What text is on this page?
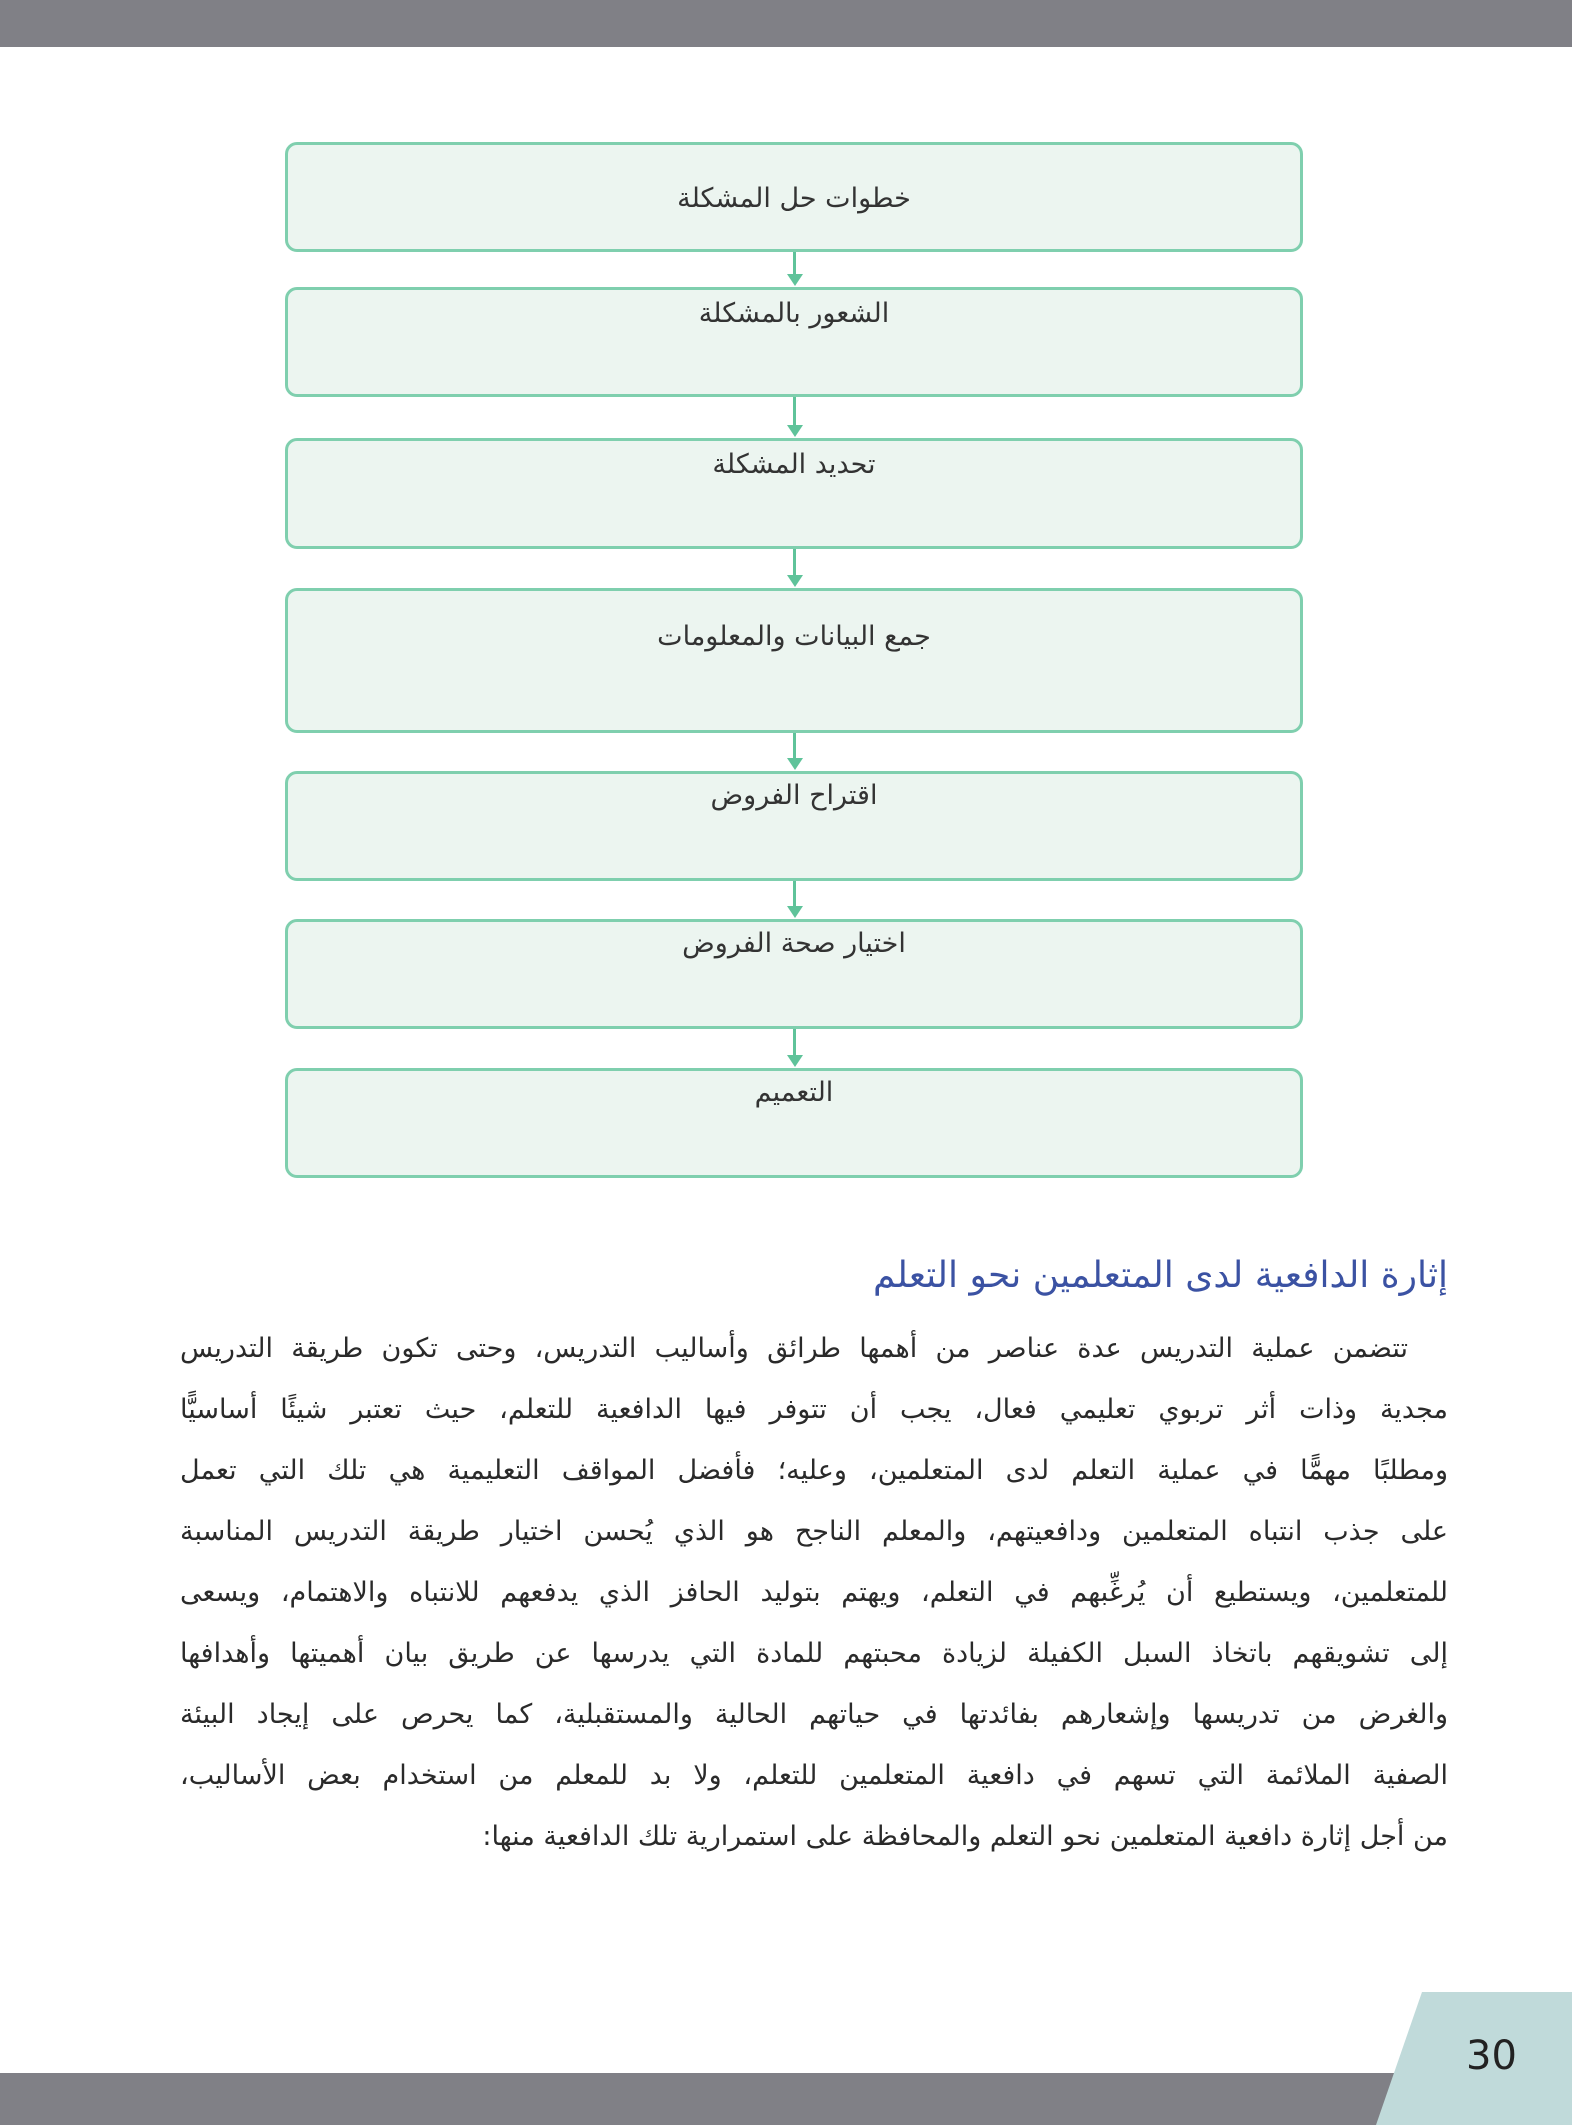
خطوات حل المشكلة
الشعور بالمشكلة
تحديد المشكلة
جمع البيانات والمعلومات
اقتراح الفروض
اختيار صحة الفروض
التعميم
إثارة الدافعية لدى المتعلمين نحو التعلم
تتضمن عملية التدريس عدة عناصر من أهمها طرائق وأساليب التدريس، وحتى تكون طريقة التدريس
مجدية وذات أثر تربوي تعليمي فعال، يجب أن تتوفر فيها الدافعية للتعلم، حيث تعتبر شيئًا أساسيًّا
ومطلبًا مهمًّا في عملية التعلم لدى المتعلمين، وعليه؛ فأفضل المواقف التعليمية هي تلك التي تعمل
على جذب انتباه المتعلمين ودافعيتهم، والمعلم الناجح هو الذي يُحسن اختيار طريقة التدريس المناسبة
للمتعلمين، ويستطيع أن يُرغِّبهم في التعلم، ويهتم بتوليد الحافز الذي يدفعهم للانتباه والاهتمام، ويسعى
إلى تشويقهم باتخاذ السبل الكفيلة لزيادة محبتهم للمادة التي يدرسها عن طريق بيان أهميتها وأهدافها
والغرض من تدريسها وإشعارهم بفائدتها في حياتهم الحالية والمستقبلية، كما يحرص على إيجاد البيئة
الصفية الملائمة التي تسهم في دافعية المتعلمين للتعلم، ولا بد للمعلم من استخدام بعض الأساليب،
من أجل إثارة دافعية المتعلمين نحو التعلم والمحافظة على استمرارية تلك الدافعية منها:
30
